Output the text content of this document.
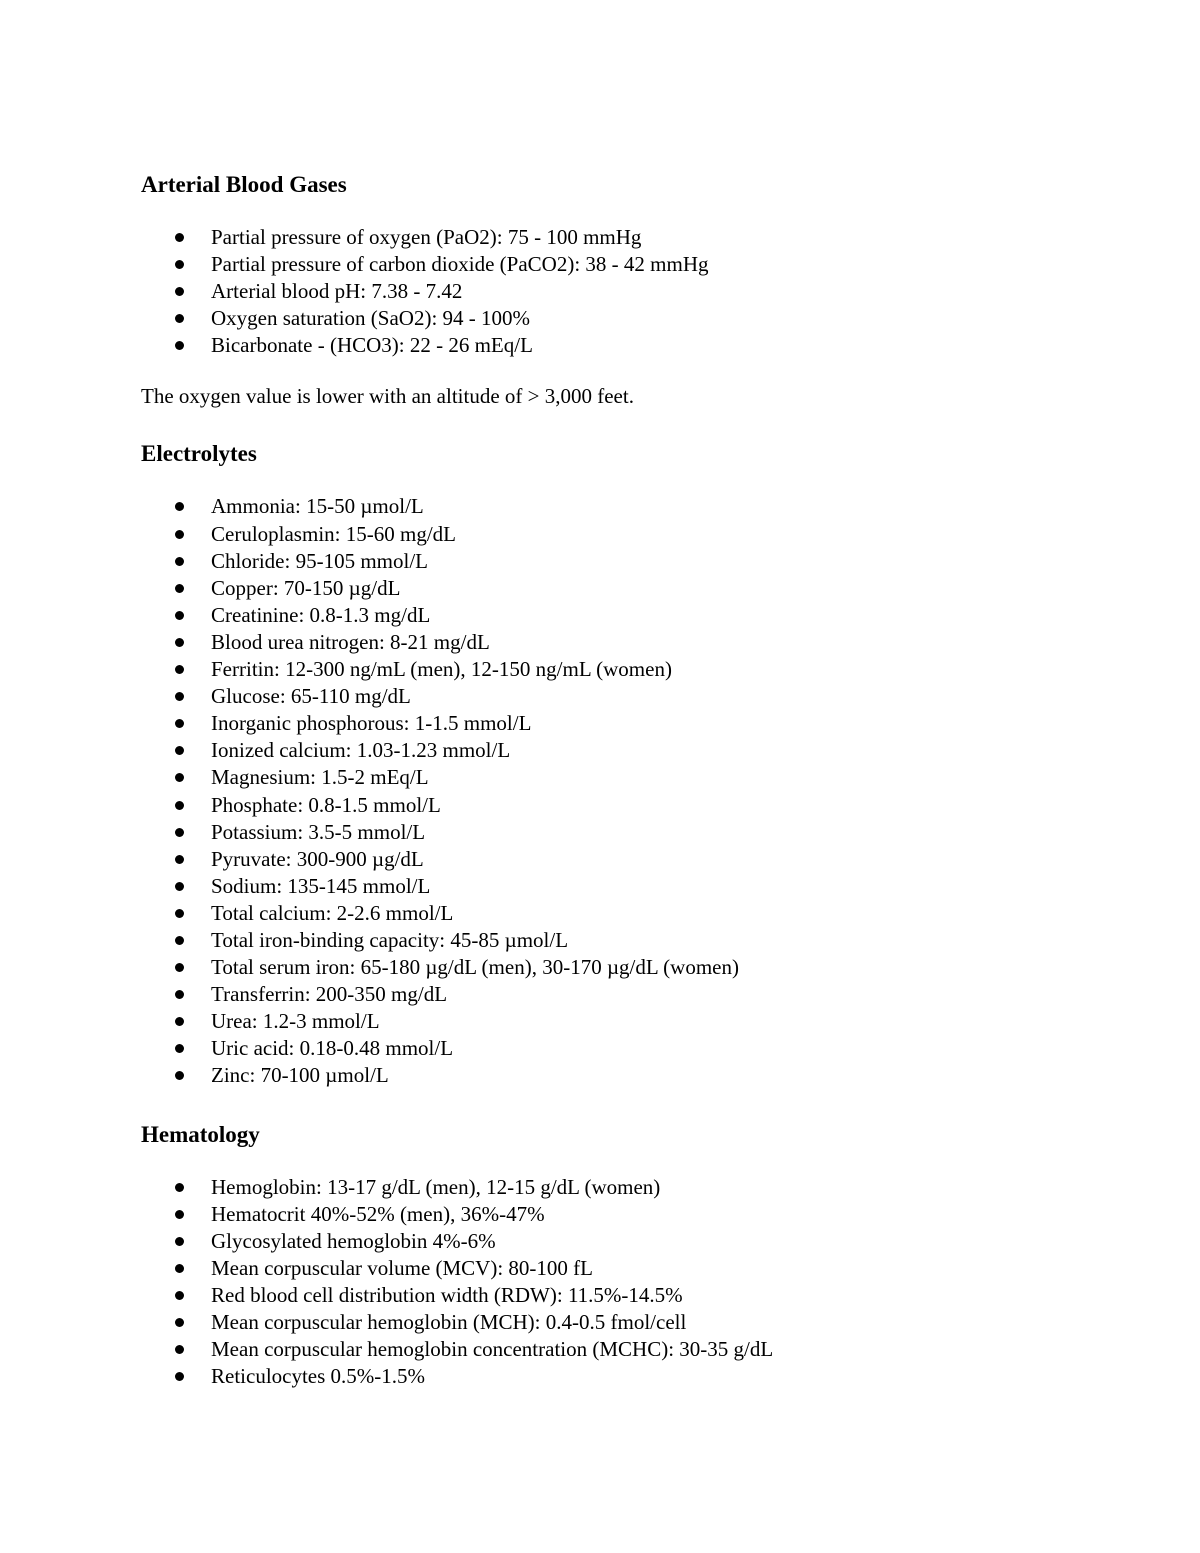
Arterial Blood Gases
Partial pressure of oxygen (PaO2): 75 - 100 mmHg
Partial pressure of carbon dioxide (PaCO2): 38 - 42 mmHg
Arterial blood pH: 7.38 - 7.42
Oxygen saturation (SaO2): 94 - 100%
Bicarbonate - (HCO3): 22 - 26 mEq/L

The oxygen value is lower with an altitude of > 3,000 feet.

Electrolytes
Ammonia: 15-50 µmol/L
Ceruloplasmin: 15-60 mg/dL
Chloride: 95-105 mmol/L
Copper: 70-150 µg/dL
Creatinine: 0.8-1.3 mg/dL
Blood urea nitrogen: 8-21 mg/dL
Ferritin: 12-300 ng/mL (men), 12-150 ng/mL (women)
Glucose: 65-110 mg/dL
Inorganic phosphorous: 1-1.5 mmol/L
Ionized calcium: 1.03-1.23 mmol/L
Magnesium: 1.5-2 mEq/L
Phosphate: 0.8-1.5 mmol/L
Potassium: 3.5-5 mmol/L
Pyruvate: 300-900 µg/dL
Sodium: 135-145 mmol/L
Total calcium: 2-2.6 mmol/L
Total iron-binding capacity: 45-85 µmol/L
Total serum iron: 65-180 µg/dL (men), 30-170 µg/dL (women)
Transferrin: 200-350 mg/dL
Urea: 1.2-3 mmol/L
Uric acid: 0.18-0.48 mmol/L
Zinc: 70-100 µmol/L
Hematology
Hemoglobin: 13-17 g/dL (men), 12-15 g/dL (women)
Hematocrit 40%-52% (men), 36%-47%
Glycosylated hemoglobin 4%-6%
Mean corpuscular volume (MCV): 80-100 fL
Red blood cell distribution width (RDW): 11.5%-14.5%
Mean corpuscular hemoglobin (MCH): 0.4-0.5 fmol/cell
Mean corpuscular hemoglobin concentration (MCHC): 30-35 g/dL
Reticulocytes 0.5%-1.5%
